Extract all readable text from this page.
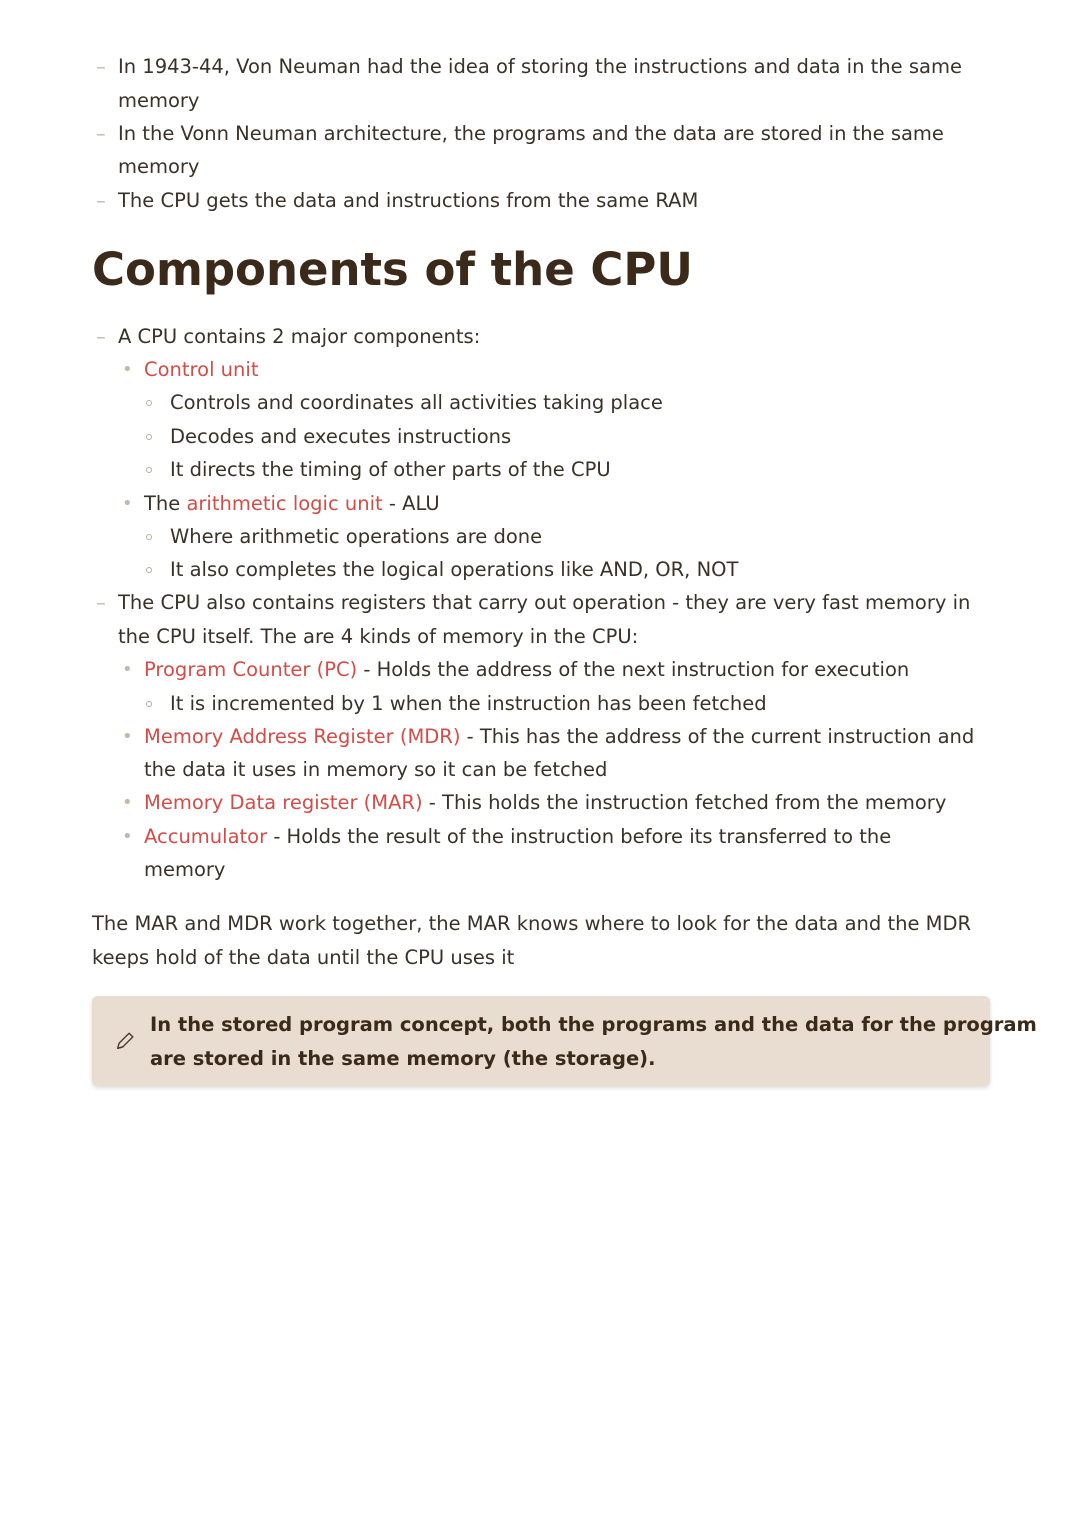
– In 1943-44, Von Neuman had the idea of storing the instructions and data in the same
memory
– In the Vonn Neuman architecture, the programs and the data are stored in the same
memory
– The CPU gets the data and instructions from the same RAM
Components of the CPU
– A CPU contains 2 major components:
• Control unit
Controls and coordinates all activities taking place
Decodes and executes instructions
It directs the timing of other parts of the CPU
• The arithmetic logic unit - ALU
Where arithmetic operations are done
It also completes the logical operations like AND, OR, NOT
– The CPU also contains registers that carry out operation - they are very fast memory in
the CPU itself. The are 4 kinds of memory in the CPU:
• Program Counter (PC) - Holds the address of the next instruction for execution
It is incremented by 1 when the instruction has been fetched
• Memory Address Register (MDR) - This has the address of the current instruction and
the data it uses in memory so it can be fetched
• Memory Data register (MAR) - This holds the instruction fetched from the memory
• Accumulator - Holds the result of the instruction before its transferred to the
memory
The MAR and MDR work together, the MAR knows where to look for the data and the MDR
keeps hold of the data until the CPU uses it
In the stored program concept, both the programs and the data for the program
are stored in the same memory (the storage).
